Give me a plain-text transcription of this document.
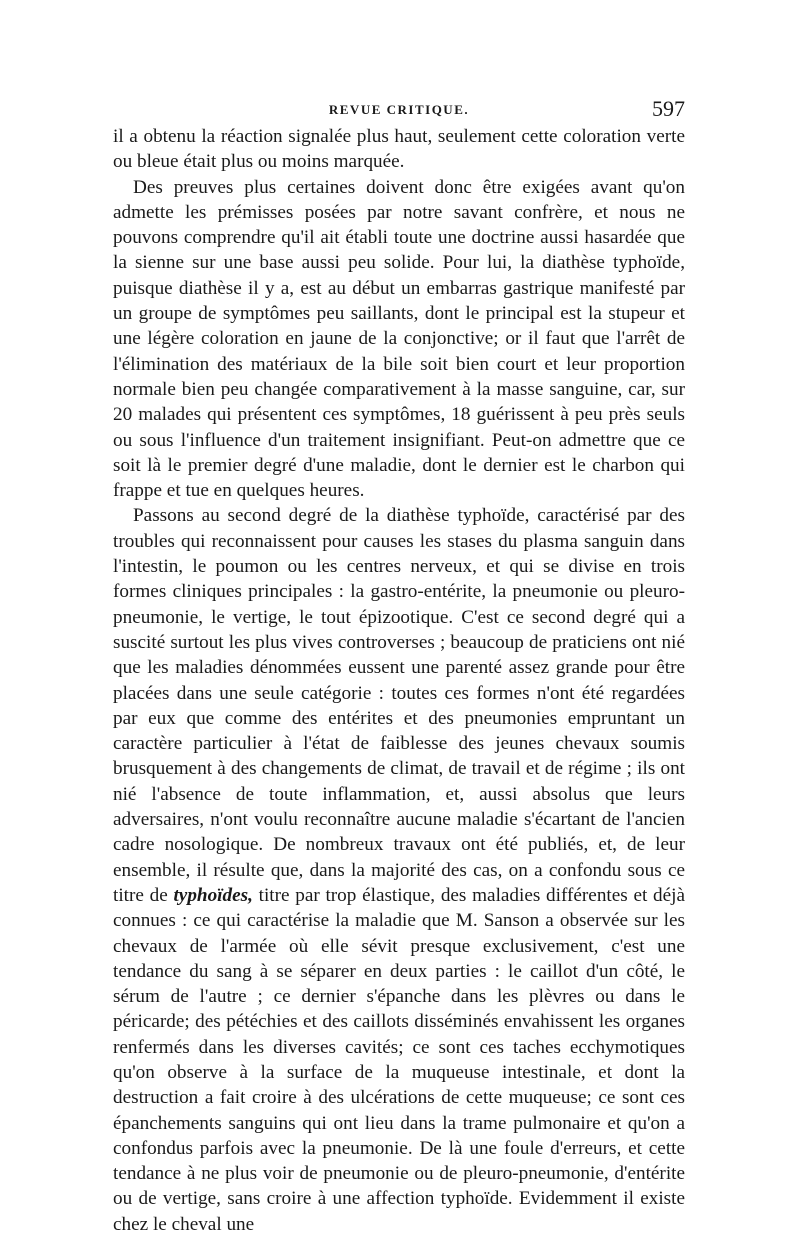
REVUE CRITIQUE.	597

il a obtenu la réaction signalée plus haut, seulement cette coloration verte ou bleue était plus ou moins marquée.

Des preuves plus certaines doivent donc être exigées avant qu'on admette les prémisses posées par notre savant confrère, et nous ne pouvons comprendre qu'il ait établi toute une doctrine aussi hasardée que la sienne sur une base aussi peu solide. Pour lui, la diathèse typhoïde, puisque diathèse il y a, est au début un embarras gastrique manifesté par un groupe de symptômes peu saillants, dont le principal est la stupeur et une légère coloration en jaune de la conjonctive; or il faut que l'arrêt de l'élimination des matériaux de la bile soit bien court et leur proportion normale bien peu changée comparativement à la masse sanguine, car, sur 20 malades qui présentent ces symptômes, 18 guérissent à peu près seuls ou sous l'influence d'un traitement insignifiant. Peut-on admettre que ce soit là le premier degré d'une maladie, dont le dernier est le charbon qui frappe et tue en quelques heures.

Passons au second degré de la diathèse typhoïde, caractérisé par des troubles qui reconnaissent pour causes les stases du plasma sanguin dans l'intestin, le poumon ou les centres nerveux, et qui se divise en trois formes cliniques principales : la gastro-entérite, la pneumonie ou pleuro-pneumonie, le vertige, le tout épizootique. C'est ce second degré qui a suscité surtout les plus vives controverses ; beaucoup de praticiens ont nié que les maladies dénommées eussent une parenté assez grande pour être placées dans une seule catégorie : toutes ces formes n'ont été regardées par eux que comme des entérites et des pneumonies empruntant un caractère particulier à l'état de faiblesse des jeunes chevaux soumis brusquement à des changements de climat, de travail et de régime ; ils ont nié l'absence de toute inflammation, et, aussi absolus que leurs adversaires, n'ont voulu reconnaître aucune maladie s'écartant de l'ancien cadre nosologique. De nombreux travaux ont été publiés, et, de leur ensemble, il résulte que, dans la majorité des cas, on a confondu sous ce titre de typhoïdes, titre par trop élastique, des maladies différentes et déjà connues : ce qui caractérise la maladie que M. Sanson a observée sur les chevaux de l'armée où elle sévit presque exclusivement, c'est une tendance du sang à se séparer en deux parties : le caillot d'un côté, le sérum de l'autre ; ce dernier s'épanche dans les plèvres ou dans le péricarde; des pétéchies et des caillots disséminés envahissent les organes renfermés dans les diverses cavités; ce sont ces taches ecchymotiques qu'on observe à la surface de la muqueuse intestinale, et dont la destruction a fait croire à des ulcérations de cette muqueuse; ce sont ces épanchements sanguins qui ont lieu dans la trame pulmonaire et qu'on a confondus parfois avec la pneumonie. De là une foule d'erreurs, et cette tendance à ne plus voir de pneumonie ou de pleuro-pneumonie, d'entérite ou de vertige, sans croire à une affection typhoïde. Evidemment il existe chez le cheval une
